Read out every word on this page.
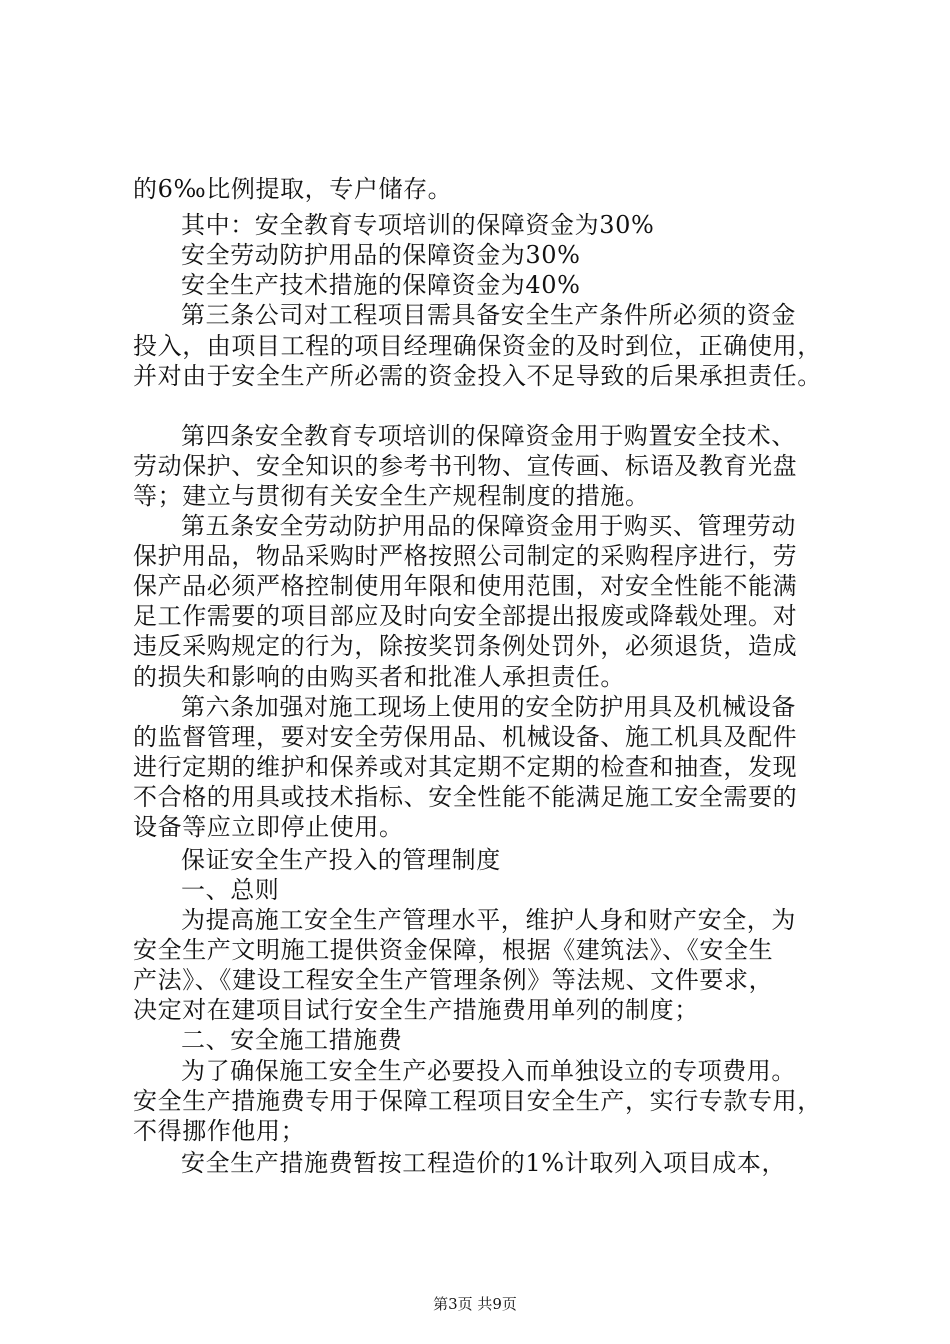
的6‰比例提取，专户储存。
其中：安全教育专项培训的保障资金为30%
安全劳动防护用品的保障资金为30%
安全生产技术措施的保障资金为40%
第三条公司对工程项目需具备安全生产条件所必须的资金
投入，由项目工程的项目经理确保资金的及时到位，正确使用，
并对由于安全生产所必需的资金投入不足导致的后果承担责任。
第四条安全教育专项培训的保障资金用于购置安全技术、
劳动保护、安全知识的参考书刊物、宣传画、标语及教育光盘
等；建立与贯彻有关安全生产规程制度的措施。
第五条安全劳动防护用品的保障资金用于购买、管理劳动
保护用品，物品采购时严格按照公司制定的采购程序进行，劳
保产品必须严格控制使用年限和使用范围，对安全性能不能满
足工作需要的项目部应及时向安全部提出报废或降载处理。对
违反采购规定的行为，除按奖罚条例处罚外，必须退货，造成
的损失和影响的由购买者和批准人承担责任。
第六条加强对施工现场上使用的安全防护用具及机械设备
的监督管理，要对安全劳保用品、机械设备、施工机具及配件
进行定期的维护和保养或对其定期不定期的检查和抽查，发现
不合格的用具或技术指标、安全性能不能满足施工安全需要的
设备等应立即停止使用。
保证安全生产投入的管理制度
一、总则
为提高施工安全生产管理水平，维护人身和财产安全，为
安全生产文明施工提供资金保障，根据《建筑法》、《安全生
产法》、《建设工程安全生产管理条例》等法规、文件要求，
决定对在建项目试行安全生产措施费用单列的制度；
二、安全施工措施费
为了确保施工安全生产必要投入而单独设立的专项费用。
安全生产措施费专用于保障工程项目安全生产，实行专款专用，
不得挪作他用；
安全生产措施费暂按工程造价的1%计取列入项目成本，
第3页 共9页
